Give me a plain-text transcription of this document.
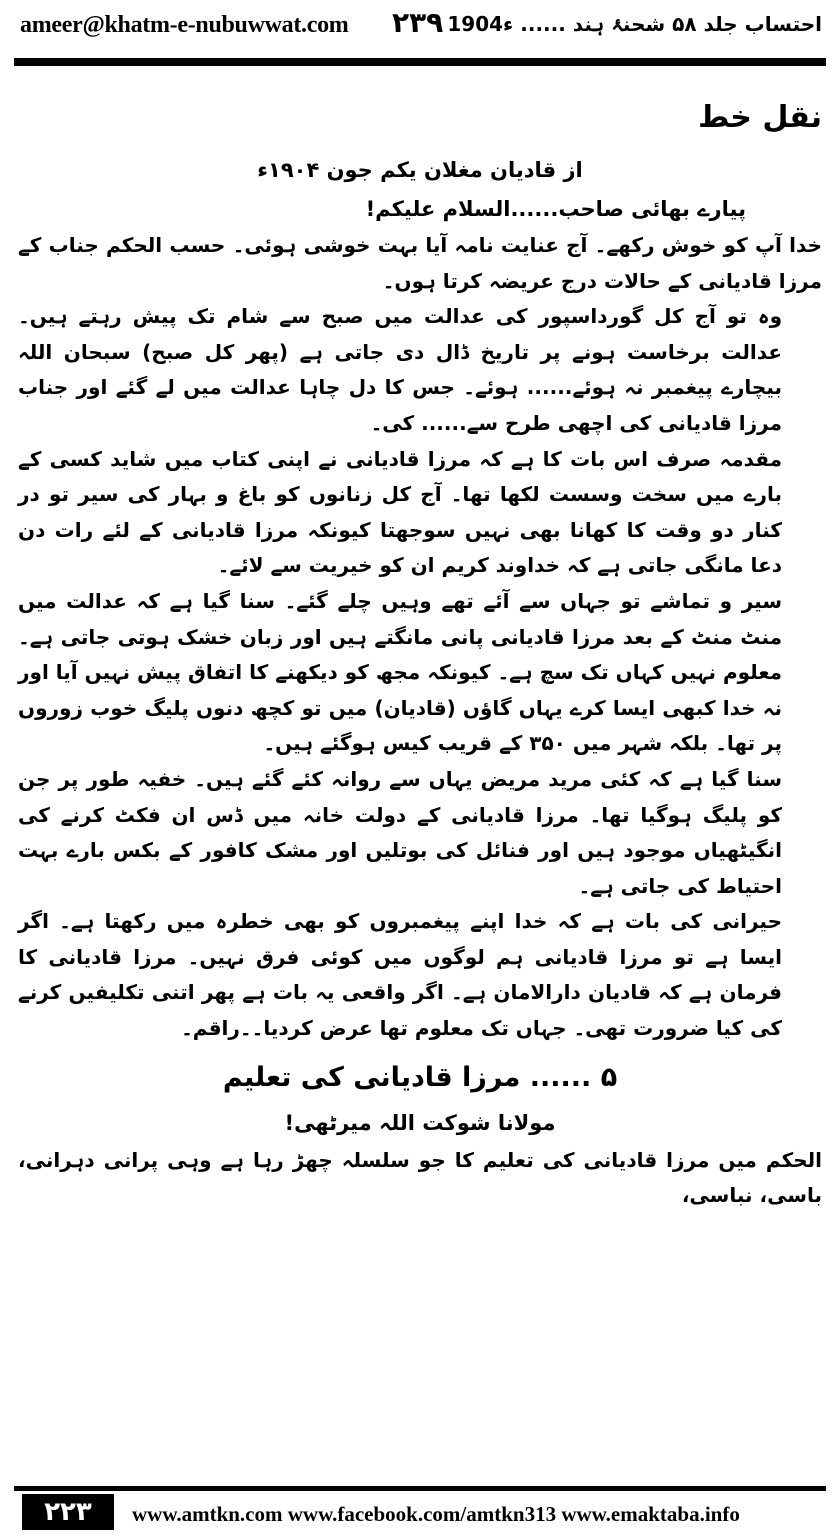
ameer@khatm-e-nubuwwat.com ۲۳۹	احتساب جلد ۵۸ شحنۂ ہند ...... 1904ء
نقل خط
از قادیان مغلان یکم جون ۱۹۰۴ء
پیارے بھائی صاحب......السلام علیکم!

خدا آپ کو خوش رکھے۔ آج عنایت نامہ آیا بہت خوشی ہوئی۔ حسب الحکم جناب کے مرزا قادیانی کے حالات درج عریضہ کرتا ہوں۔

وہ تو آج کل گورداسپور کی عدالت میں صبح سے شام تک پیش رہتے ہیں۔ عدالت برخاست ہونے پر تاریخ ڈال دی جاتی ہے (پھر کل صبح) سبحان اللہ بیچارے پیغمبر نہ ہوئے...... ہوئے۔ جس کا دل چاہا عدالت میں لے گئے اور جناب مرزا قادیانی کی اچھی طرح سے...... کی۔

مقدمہ صرف اس بات کا ہے کہ مرزا قادیانی نے اپنی کتاب میں شاید کسی کے بارے میں سخت وسست لکھا تھا۔ آج کل زنانوں کو باغ و بہار کی سیر تو در کنار دو وقت کا کھانا بھی نہیں سوجھتا کیونکہ مرزا قادیانی کے لئے رات دن دعا مانگی جاتی ہے کہ خداوند کریم ان کو خیریت سے لائے۔

سیر و تماشے تو جہاں سے آئے تھے وہیں چلے گئے۔ سنا گیا ہے کہ عدالت میں منٹ منٹ کے بعد مرزا قادیانی پانی مانگتے ہیں اور زبان خشک ہوتی جاتی ہے۔ معلوم نہیں کہاں تک سچ ہے۔ کیونکہ مجھ کو دیکھنے کا اتفاق پیش نہیں آیا اور نہ خدا کبھی ایسا کرے یہاں گاؤں (قادیان) میں تو کچھ دنوں پلیگ خوب زوروں پر تھا۔ بلکہ شہر میں ۳۵۰ کے قریب کیس ہوگئے ہیں۔

سنا گیا ہے کہ کئی مرید مریض یہاں سے روانہ کئے گئے ہیں۔ خفیہ طور پر جن کو پلیگ ہوگیا تھا۔ مرزا قادیانی کے دولت خانہ میں ڈس ان فکٹ کرنے کی انگیٹھیاں موجود ہیں اور فنائل کی بوتلیں اور مشک کافور کے بکس بارے بہت احتیاط کی جاتی ہے۔

حیرانی کی بات ہے کہ خدا اپنے پیغمبروں کو بھی خطرہ میں رکھتا ہے۔ اگر ایسا ہے تو مرزا قادیانی ہم لوگوں میں کوئی فرق نہیں۔ مرزا قادیانی کا فرمان ہے کہ قادیان دارالامان ہے۔ اگر واقعی یہ بات ہے پھر اتنی تکلیفیں کرنے کی کیا ضرورت تھی۔ جہاں تک معلوم تھا عرض کردیا۔۔راقم۔

۵ ...... مرزا قادیانی کی تعلیم
مولانا شوکت اللہ میرٹھی!

الحکم میں مرزا قادیانی کی تعلیم کا جو سلسلہ چھڑ رہا ہے وہی پرانی دہرانی، باسی، نباسی،

۲۲۳	www.amtkn.com www.facebook.com/amtkn313 www.emaktaba.info
